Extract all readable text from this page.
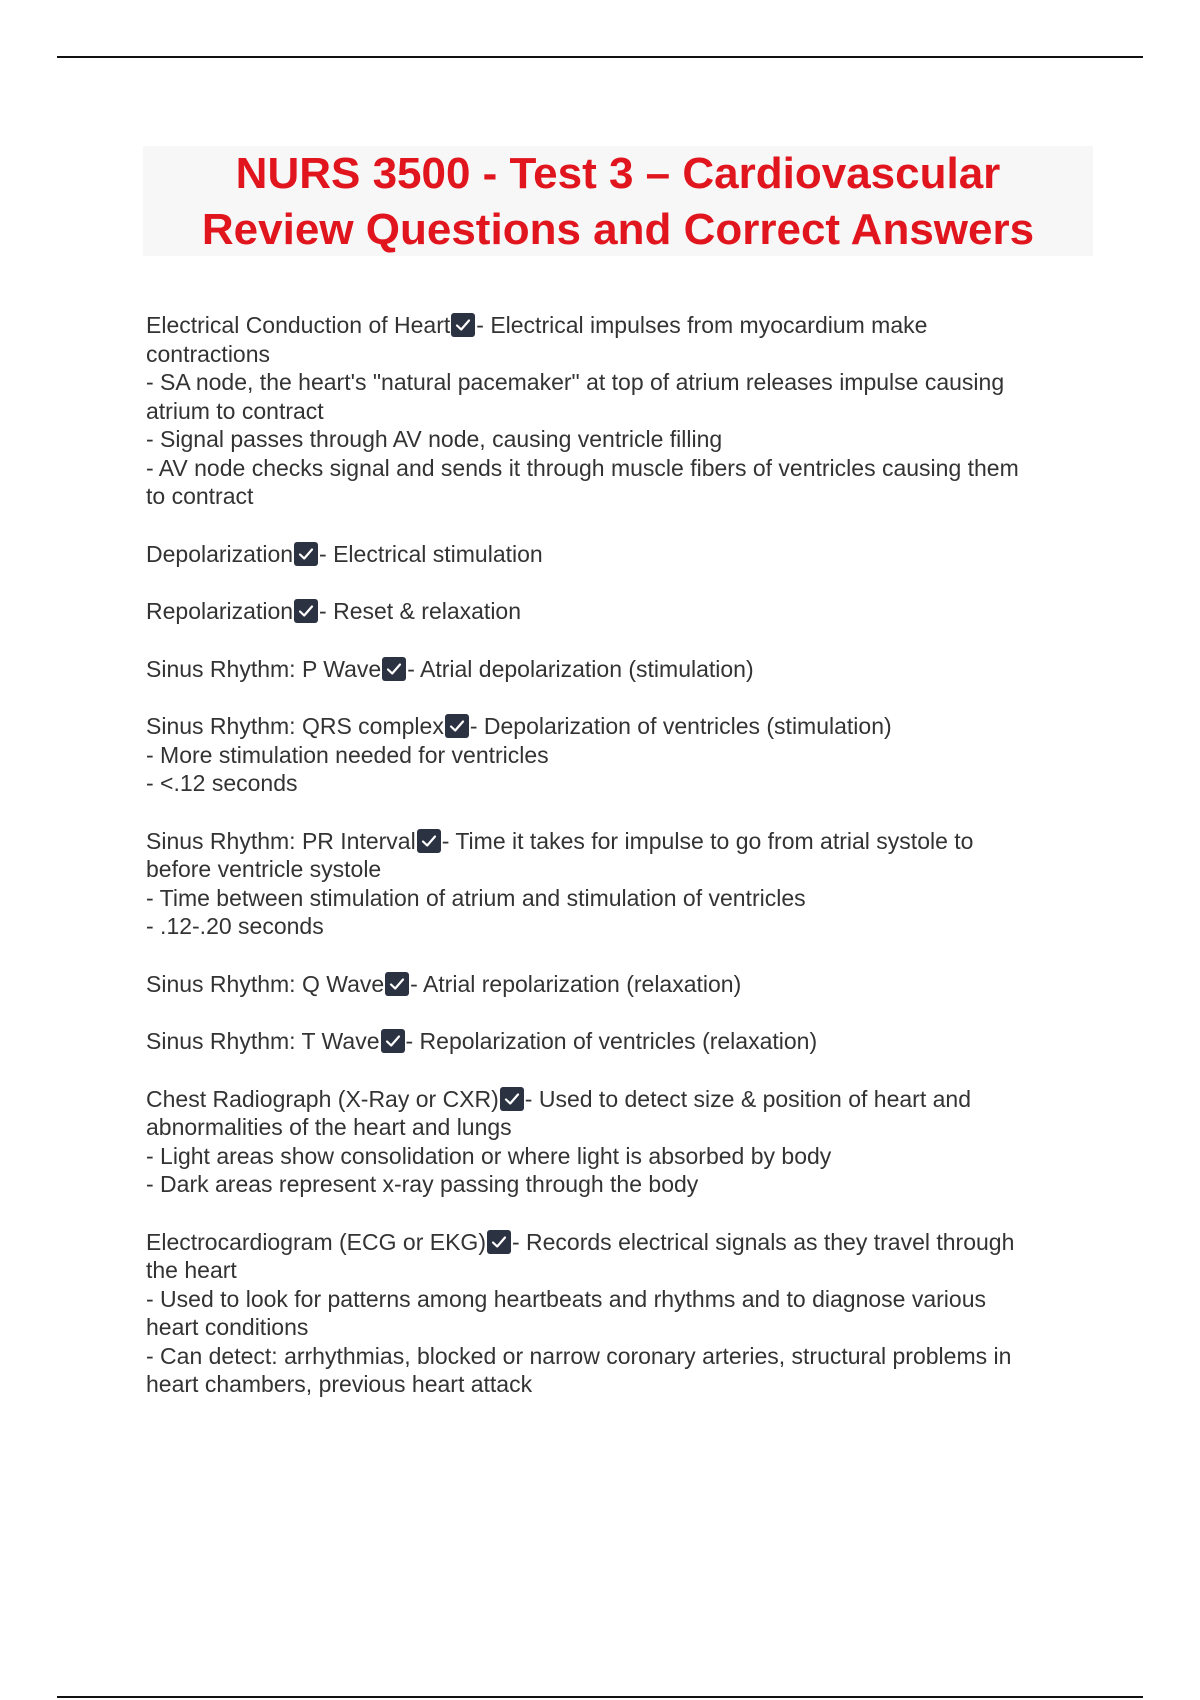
NURS 3500 - Test 3 – Cardiovascular

Review Questions and Correct Answers

Electrical Conduction of Heart - Electrical impulses from myocardium make
contractions
- SA node, the heart's "natural pacemaker" at top of atrium releases impulse causing
atrium to contract
- Signal passes through AV node, causing ventricle filling
- AV node checks signal and sends it through muscle fibers of ventricles causing them
to contract
Depolarization - Electrical stimulation
Repolarization - Reset & relaxation
Sinus Rhythm: P Wave - Atrial depolarization (stimulation)
Sinus Rhythm: QRS complex - Depolarization of ventricles (stimulation)
- More stimulation needed for ventricles
- <.12 seconds
Sinus Rhythm: PR Interval - Time it takes for impulse to go from atrial systole to
before ventricle systole
- Time between stimulation of atrium and stimulation of ventricles
- .12-.20 seconds
Sinus Rhythm: Q Wave - Atrial repolarization (relaxation)
Sinus Rhythm: T Wave - Repolarization of ventricles (relaxation)
Chest Radiograph (X-Ray or CXR) - Used to detect size & position of heart and
abnormalities of the heart and lungs
- Light areas show consolidation or where light is absorbed by body
- Dark areas represent x-ray passing through the body
Electrocardiogram (ECG or EKG) - Records electrical signals as they travel through
the heart
- Used to look for patterns among heartbeats and rhythms and to diagnose various
heart conditions
- Can detect: arrhythmias, blocked or narrow coronary arteries, structural problems in
heart chambers, previous heart attack
